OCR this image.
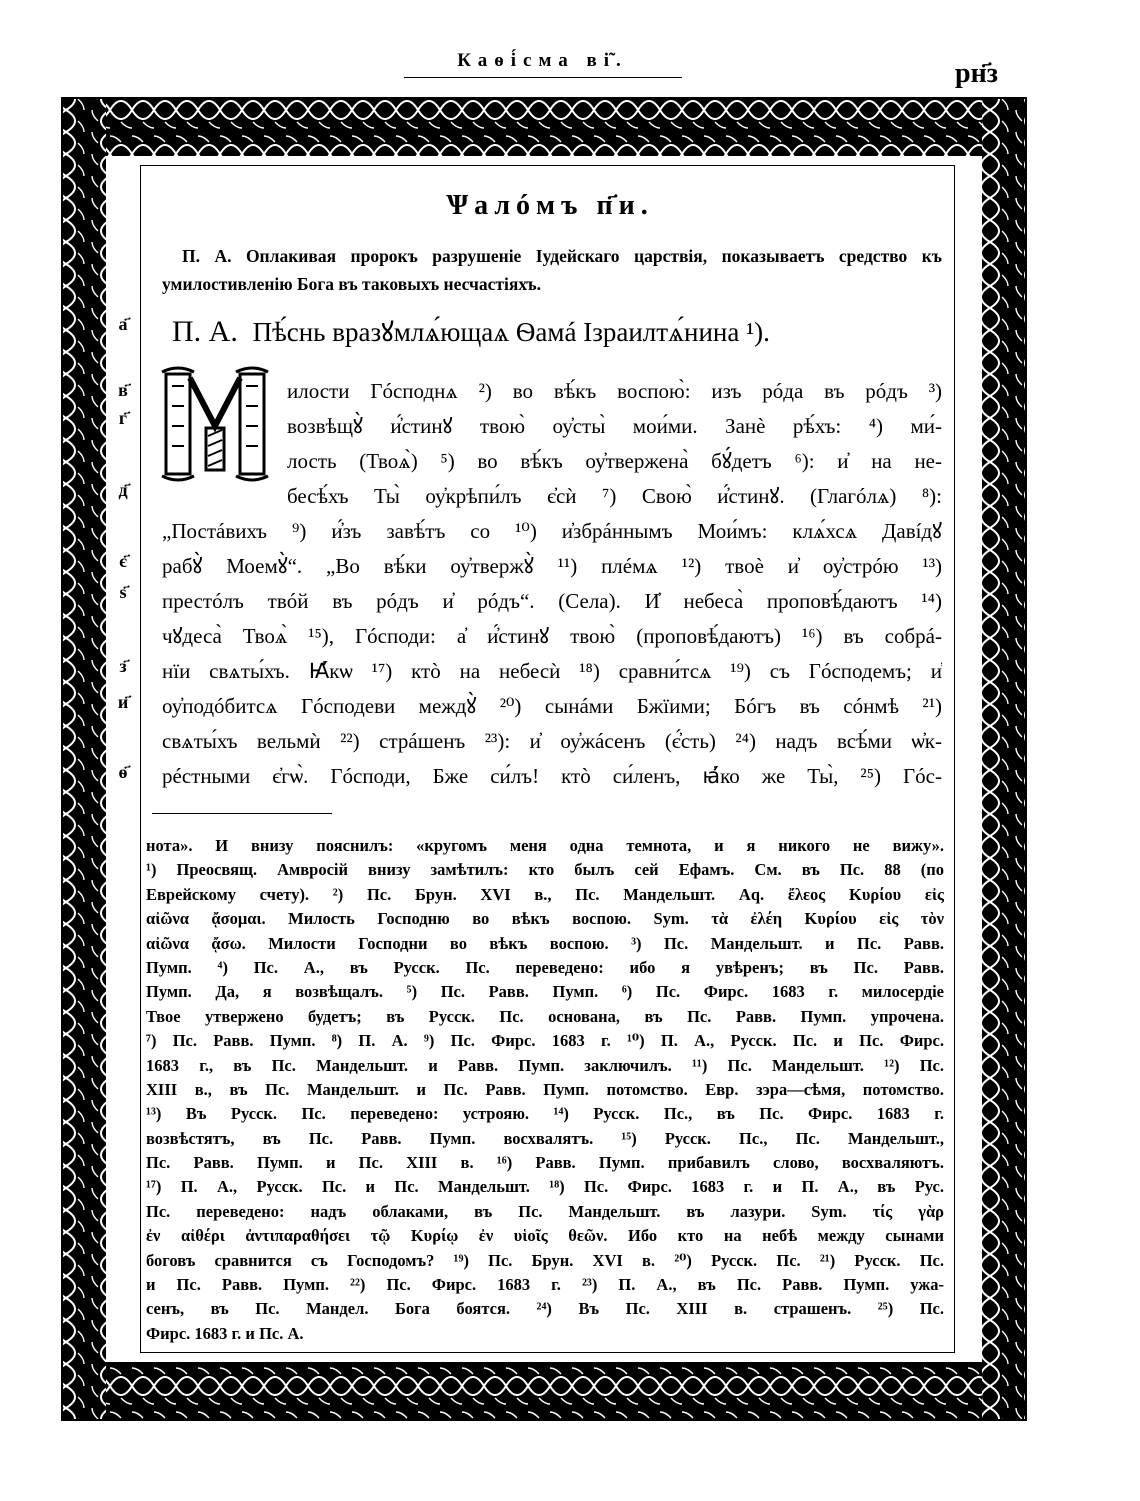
Каѳі́сма ві̃.	рн҃з
Ѱалóмъ п҃и.
П. А. Оплакивая пророкъ разрушеніе Іудейскаго царствія, показываетъ средство къ умилостивленію Бога въ таковыхъ несчастіяхъ.
П. А. Пѣ́снь вразꙋмлѧ́ющаѧ Ѳамá Ізраилтѧ́нина ¹).
а҃
в҃
г҃
д҃
є҃
ѕ҃
з҃
и҃
ѳ҃
илости Гóсподнѧ ²) во вѣ́къ воспою̀: изъ рóда въ рóдъ ³)
возвѣщꙋ̀ и҆́стинꙋ твою̀ оу҆сты̀ мои́ми. Занѐ рѣ́хъ: ⁴) ми́-
лость (Твоѧ̀) ⁵) во вѣ́къ оу҆твержена̀ бꙋ́детъ ⁶): и҆ на не-
бесѣ́хъ Ты̀ оу҆крѣпи́лъ є҆сѝ ⁷) Свою̀ и҆́стинꙋ. (Глагóлѧ) ⁸):
„Постáвихъ ⁹) и҆́зъ завѣ́тъ со ¹⁰) и҆збрáннымъ Мои́мъ: клѧ́хсѧ Давíдꙋ
рабꙋ̀ Моемꙋ̀“. „Во вѣ́ки оу҆твержꙋ̀ ¹¹) плéмѧ ¹²) твоѐ и҆ оу҆стрóю ¹³)
престóлъ твóй въ рóдъ и҆ рóдъ“. (Села). И҆ небеса̀ проповѣ́даютъ ¹⁴)
чꙋдеса̀ Твоѧ̀ ¹⁵), Гóсподи: а҆ и҆́стинꙋ твою̀ (проповѣ́даютъ) ¹⁶) въ собрá-
нїи свѧты́хъ. Ꙗ҆́кѡ ¹⁷) ктò на небесѝ ¹⁸) сравни́тсѧ ¹⁹) съ Гóсподемъ; и҆
оу҆подóбитсѧ Гóсподеви междꙋ̀ ²⁰) сынáми Бжїими; Бóгъ въ сóнмѣ ²¹)
свѧты́хъ вельмѝ ²²) стрáшенъ ²³): и҆ оу҆жáсенъ (є҆́сть) ²⁴) надъ всѣ́ми ѡ҆к-
рéстными є҆гѡ̀. Гóсподи, Бже си́лъ! ктò си́ленъ, ꙗ҆́ко же Ты̀, ²⁵) Гóс-
нота». И внизу пояснилъ: «кругомъ меня одна темнота, и я никого не вижу».
¹) Преосвящ. Амвросій внизу замѣтилъ: кто былъ сей Ефамъ. См. въ Пс. 88 (по
Еврейскому счету). ²) Пс. Брун. XVI в., Пс. Мандельшт. Aq. ἔλεος Κυρίου εἰς
αἰῶνα ᾄσομαι. Милость Господню во вѣкъ воспою. Sym. τὰ ἐλέη Κυρίου εἰς τὸν
αἰῶνα ᾄσω. Милости Господни во вѣкъ воспою. ³) Пс. Мандельшт. и Пс. Равв.
Пумп. ⁴) Пс. А., въ Русск. Пс. переведено: ибо я увѣренъ; въ Пс. Равв.
Пумп. Да, я возвѣщалъ. ⁵) Пс. Равв. Пумп. ⁶) Пс. Фирс. 1683 г. милосердіе
Твое утвержено будетъ; въ Русск. Пс. основана, въ Пс. Равв. Пумп. упрочена.
⁷) Пс. Равв. Пумп. ⁸) П. А. ⁹) Пс. Фирс. 1683 г. ¹⁰) П. А., Русск. Пс. и Пс. Фирс.
1683 г., въ Пс. Мандельшт. и Равв. Пумп. заключилъ. ¹¹) Пс. Мандельшт. ¹²) Пс.
XIII в., въ Пс. Мандельшт. и Пс. Равв. Пумп. потомство. Евр. зэра—сѣмя, потомство.
¹³) Въ Русск. Пс. переведено: устрояю. ¹⁴) Русск. Пс., въ Пс. Фирс. 1683 г.
возвѣстятъ, въ Пс. Равв. Пумп. восхвалятъ. ¹⁵) Русск. Пс., Пс. Мандельшт.,
Пс. Равв. Пумп. и Пс. XIII в. ¹⁶) Равв. Пумп. прибавилъ слово, восхваляютъ.
¹⁷) П. А., Русск. Пс. и Пс. Мандельшт. ¹⁸) Пс. Фирс. 1683 г. и П. А., въ Рус.
Пс. переведено: надъ облаками, въ Пс. Мандельшт. въ лазури. Sym. τίς γὰρ
ἐν αἰθέρι ἀντιπαραθήσει τῷ Κυρίῳ ἐν υἱοῖς θεῶν. Ибо кто на небѣ между сынами
боговъ сравнится съ Господомъ? ¹⁹) Пс. Брун. XVI в. ²⁰) Русск. Пс. ²¹) Русск. Пс.
и Пс. Равв. Пумп. ²²) Пс. Фирс. 1683 г. ²³) П. А., въ Пс. Равв. Пумп. ужа-
сенъ, въ Пс. Мандел. Бога боятся. ²⁴) Въ Пс. XIII в. страшенъ. ²⁵) Пс.
Фирс. 1683 г. и Пс. А.
